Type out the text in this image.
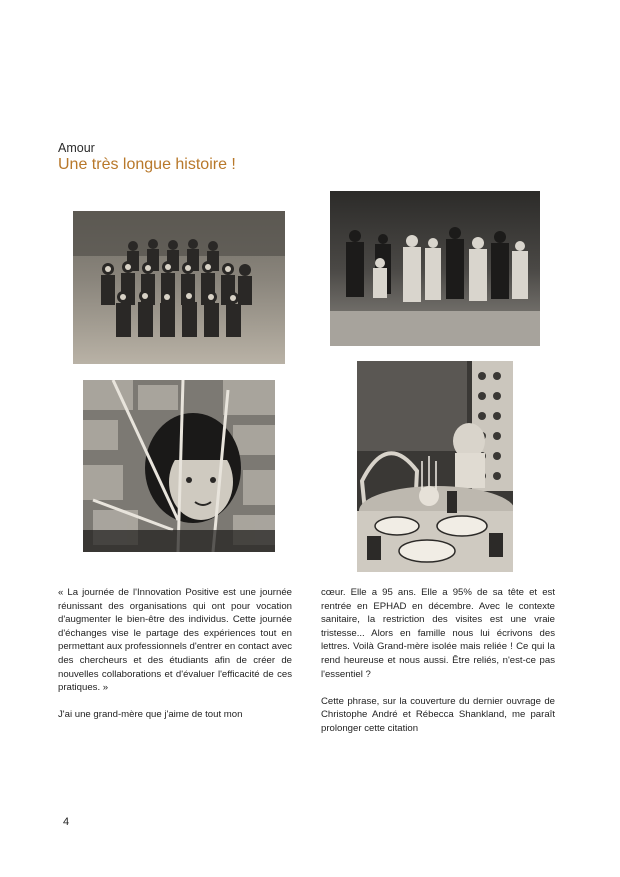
Amour
Une très longue histoire !

« La journée de l'Innovation Positive est une journée réunissant des organisations qui ont pour vocation d'augmenter le bien-être des individus. Cette journée d'échanges vise le partage des expériences tout en permettant aux professionnels d'entrer en contact avec des chercheurs et des étudiants afin de créer de nouvelles collaborations et d'évaluer l'efficacité de ces pratiques. »

J'ai une grand-mère que j'aime de tout mon

cœur. Elle a 95 ans. Elle a 95% de sa tête et est rentrée en EPHAD en décembre. Avec le contexte sanitaire, la restriction des visites est une vraie tristesse... Alors en famille nous lui écrivons des lettres. Voilà Grand-mère isolée mais reliée ! Ce qui la rend heureuse et nous aussi. Être reliés, n'est-ce pas l'essentiel ?

Cette phrase, sur la couverture du dernier ouvrage de Christophe André et Rébecca Shankland, me paraît prolonger cette citation

4
